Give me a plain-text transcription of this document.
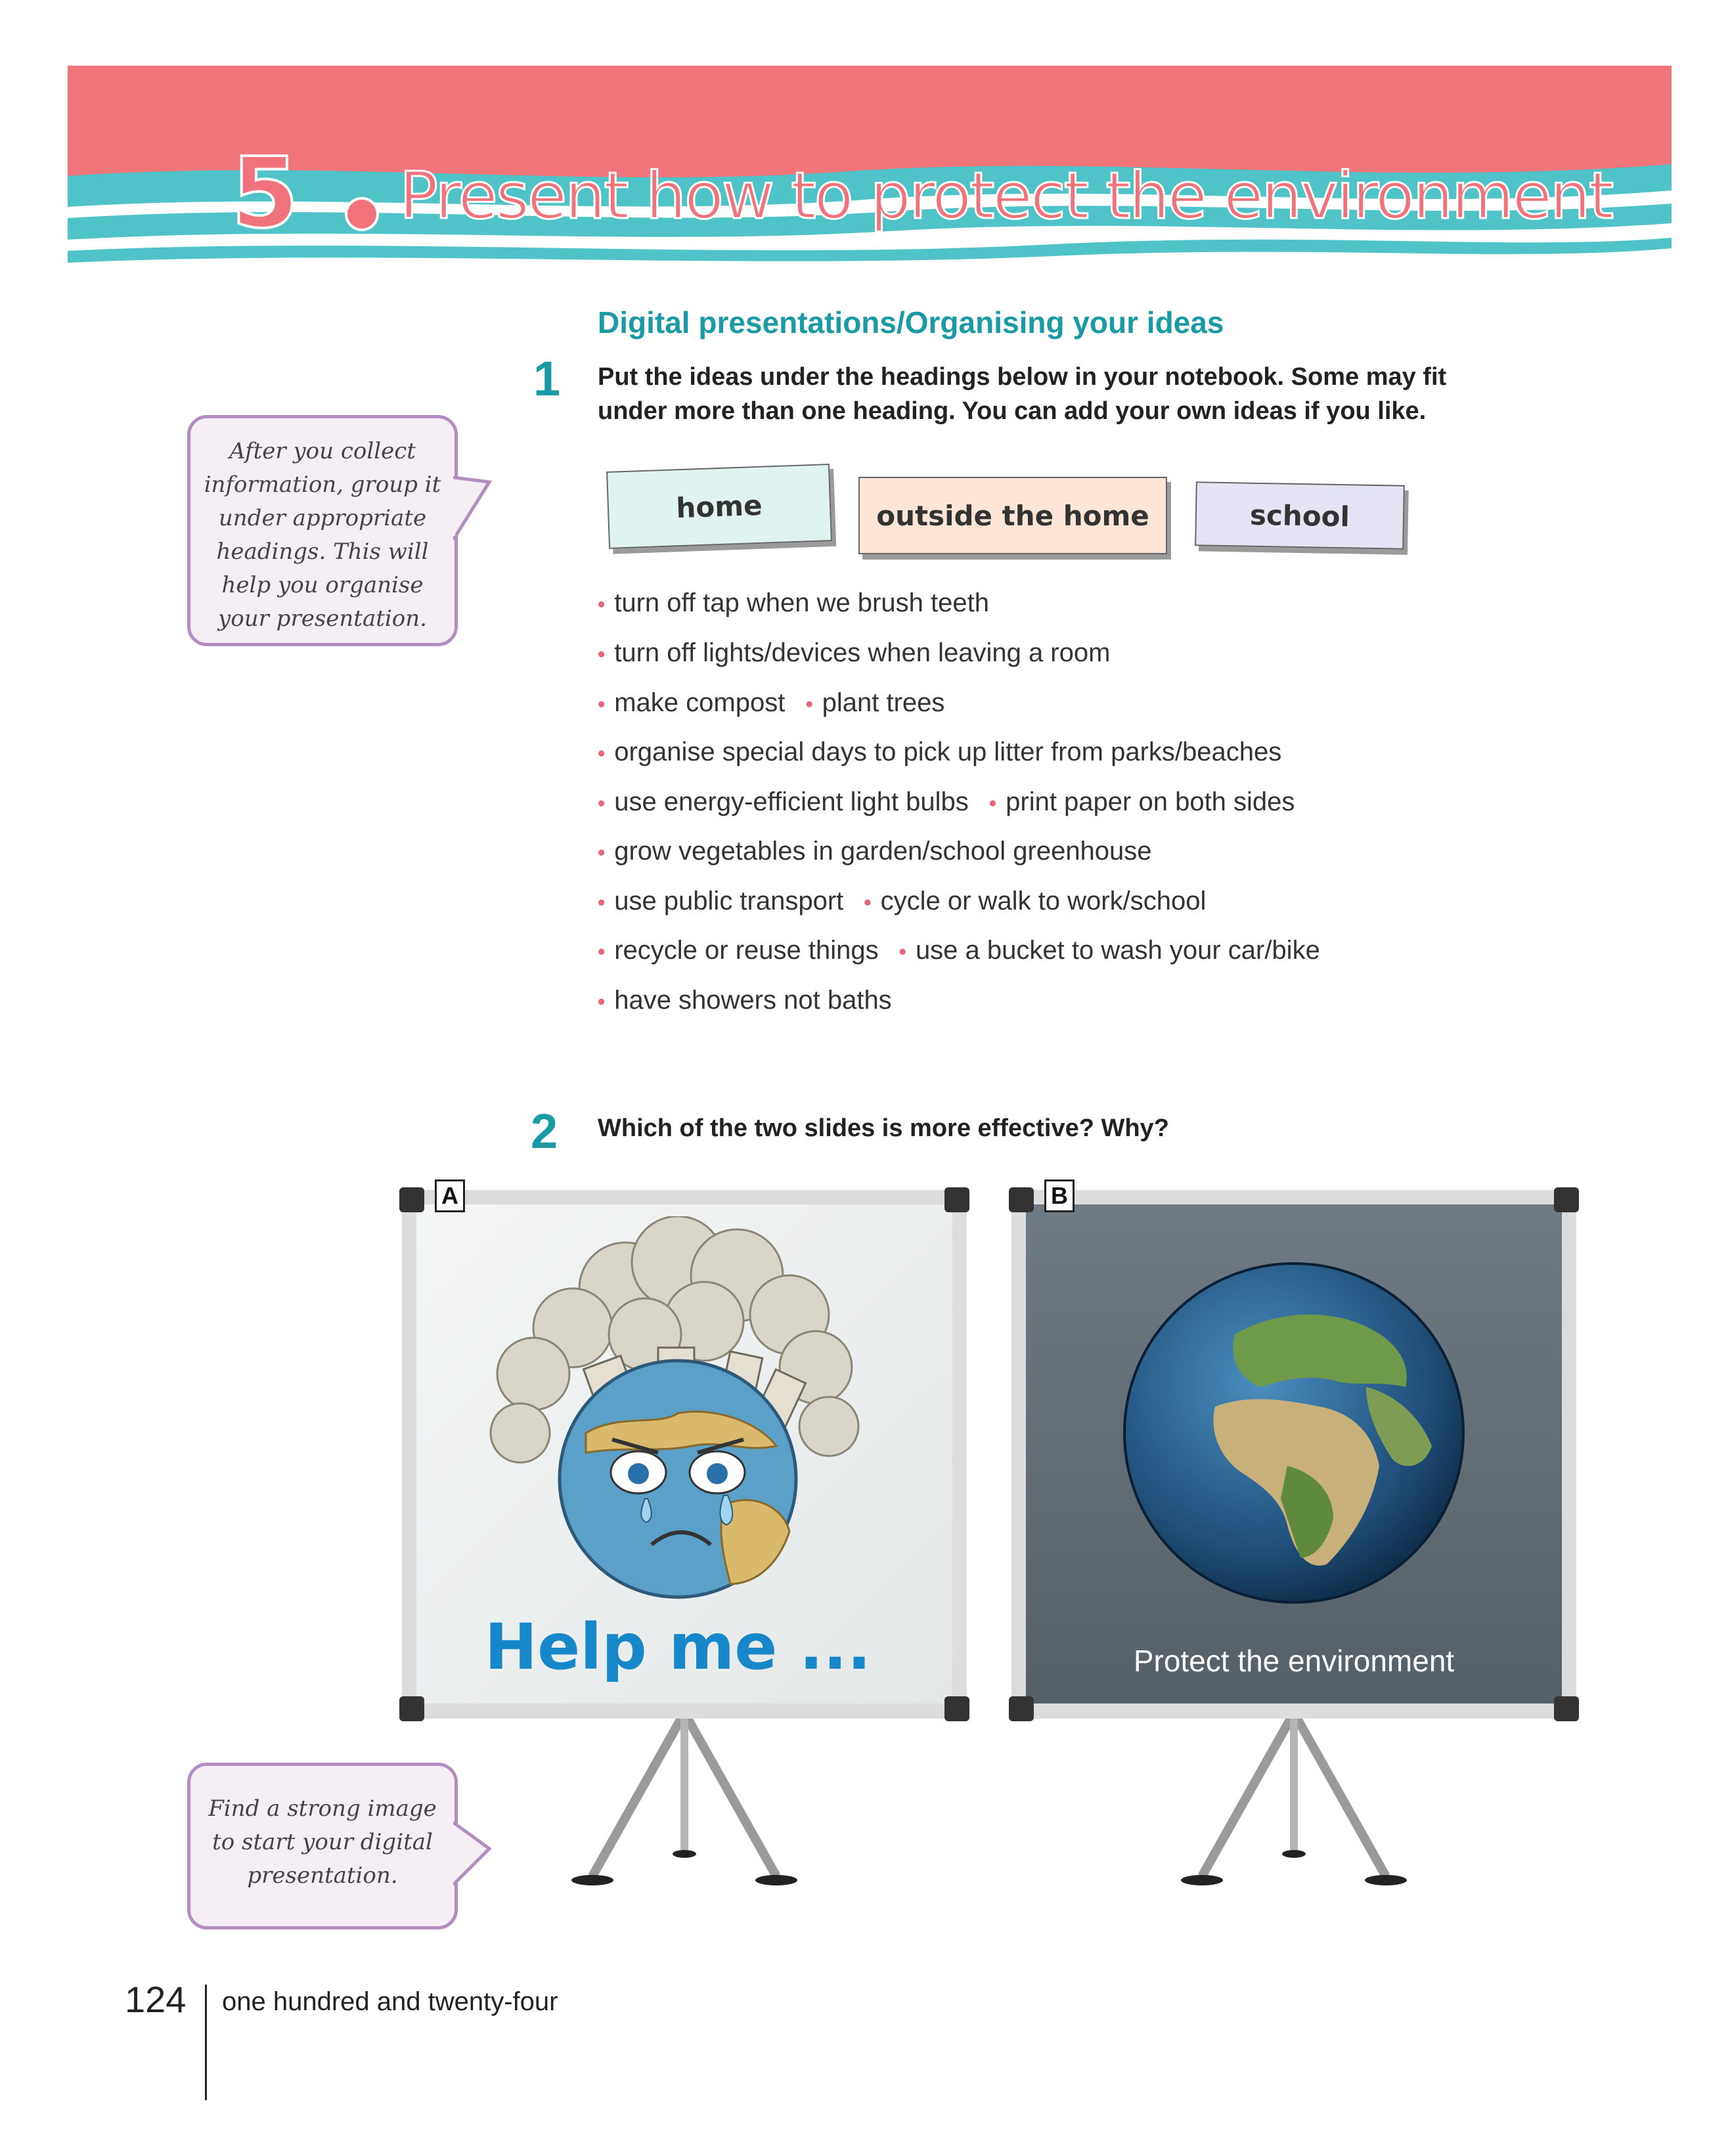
5 Present how to protect the environment
After you collect information, group it under appropriate headings. This will help you organise your presentation.
Digital presentations/Organising your ideas
1 Put the ideas under the headings below in your notebook. Some may fit
under more than one heading. You can add your own ideas if you like.
home	outside the home	school
• turn off tap when we brush teeth
• turn off lights/devices when leaving a room
• make compost • plant trees
• organise special days to pick up litter from parks/beaches
• use energy-efficient light bulbs • print paper on both sides
• grow vegetables in garden/school greenhouse
• use public transport • cycle or walk to work/school
• recycle or reuse things • use a bucket to wash your car/bike
• have showers not baths
2 Which of the two slides is more effective? Why?
A
Help me ...
B
Protect the environment
Find a strong image to start your digital presentation.
124 one hundred and twenty-four
